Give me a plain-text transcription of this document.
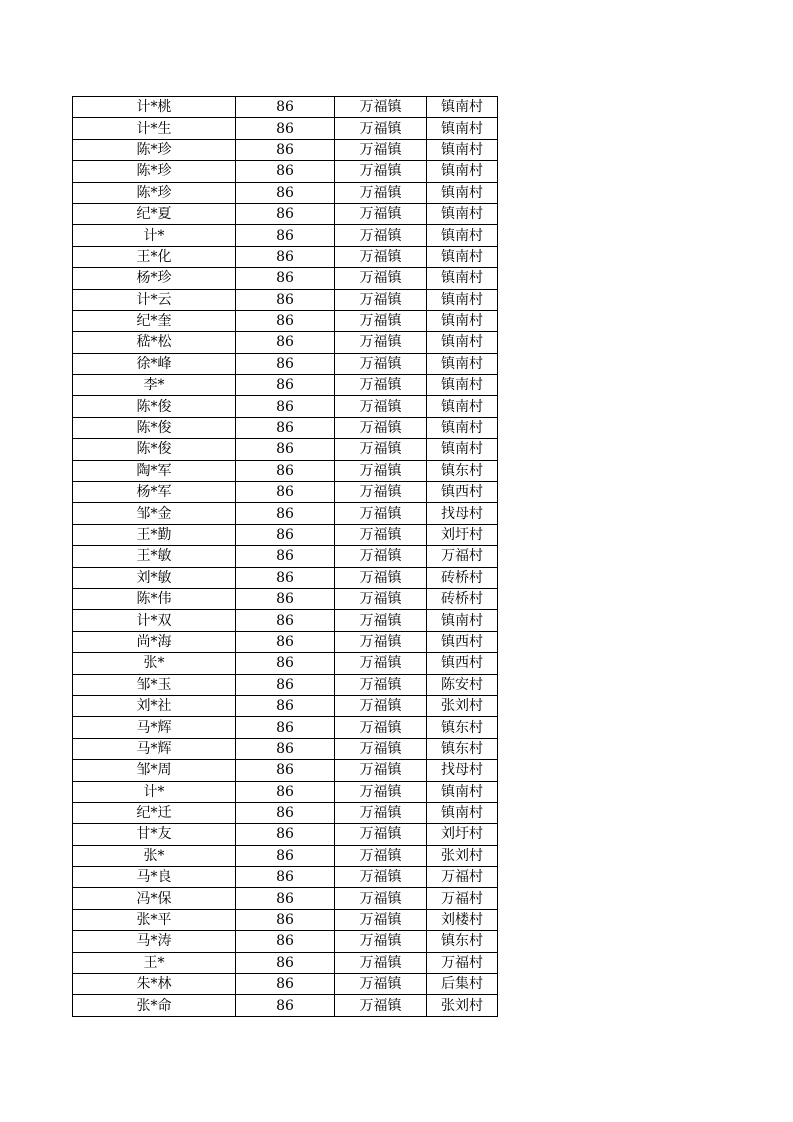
计*桃	86	万福镇	镇南村
计*生	86	万福镇	镇南村
陈*珍	86	万福镇	镇南村
陈*珍	86	万福镇	镇南村
陈*珍	86	万福镇	镇南村
纪*夏	86	万福镇	镇南村
计*	86	万福镇	镇南村
王*化	86	万福镇	镇南村
杨*珍	86	万福镇	镇南村
计*云	86	万福镇	镇南村
纪*奎	86	万福镇	镇南村
嵇*松	86	万福镇	镇南村
徐*峰	86	万福镇	镇南村
李*	86	万福镇	镇南村
陈*俊	86	万福镇	镇南村
陈*俊	86	万福镇	镇南村
陈*俊	86	万福镇	镇南村
陶*军	86	万福镇	镇东村
杨*军	86	万福镇	镇西村
邹*金	86	万福镇	找母村
王*勤	86	万福镇	刘圩村
王*敏	86	万福镇	万福村
刘*敏	86	万福镇	砖桥村
陈*伟	86	万福镇	砖桥村
计*双	86	万福镇	镇南村
尚*海	86	万福镇	镇西村
张*	86	万福镇	镇西村
邹*玉	86	万福镇	陈安村
刘*社	86	万福镇	张刘村
马*辉	86	万福镇	镇东村
马*辉	86	万福镇	镇东村
邹*周	86	万福镇	找母村
计*	86	万福镇	镇南村
纪*迁	86	万福镇	镇南村
甘*友	86	万福镇	刘圩村
张*	86	万福镇	张刘村
马*良	86	万福镇	万福村
冯*保	86	万福镇	万福村
张*平	86	万福镇	刘楼村
马*涛	86	万福镇	镇东村
王*	86	万福镇	万福村
朱*林	86	万福镇	后集村
张*命	86	万福镇	张刘村
